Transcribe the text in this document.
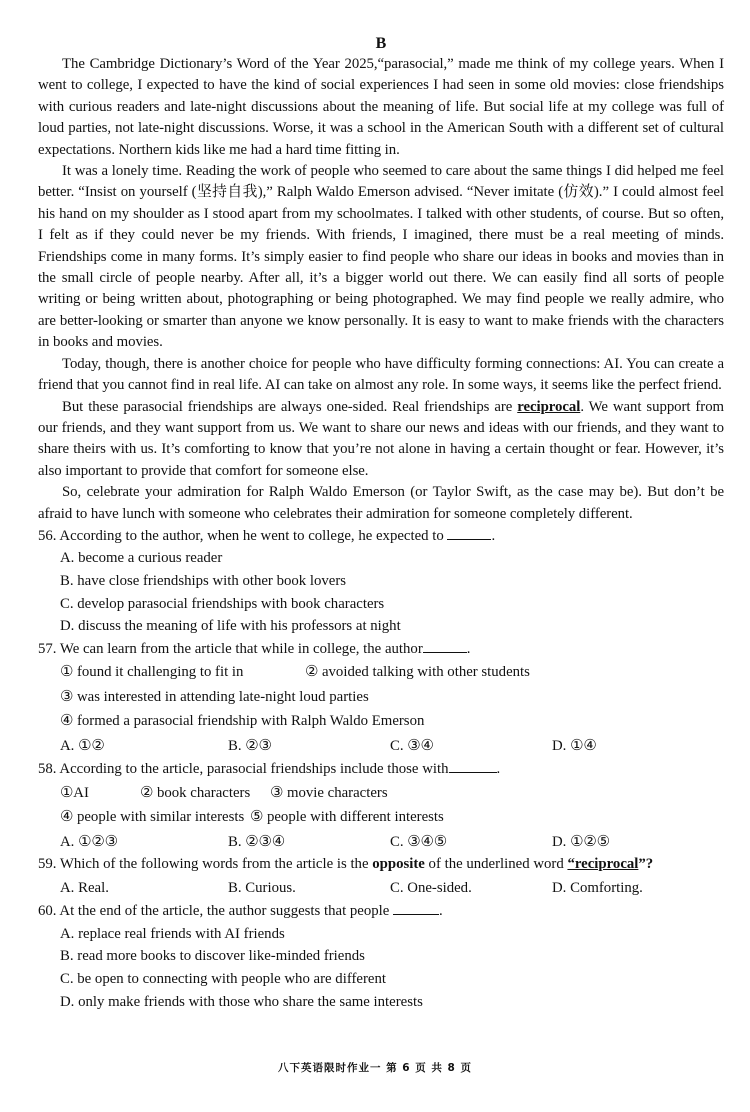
B

The Cambridge Dictionary’s Word of the Year 2025,“parasocial,” made me think of my college years. When I went to college, I expected to have the kind of social experiences I had seen in some old movies: close friendships with curious readers and late-night discussions about the meaning of life. But social life at my college was full of loud parties, not late-night discussions. Worse, it was a school in the American South with a different set of cultural expectations. Northern kids like me had a hard time fitting in.

It was a lonely time. Reading the work of people who seemed to care about the same things I did helped me feel better. “Insist on yourself (坚持自我),” Ralph Waldo Emerson advised. “Never imitate (仿效).” I could almost feel his hand on my shoulder as I stood apart from my schoolmates. I talked with other students, of course. But so often, I felt as if they could never be my friends. With friends, I imagined, there must be a real meeting of minds. Friendships come in many forms. It’s simply easier to find people who share our ideas in books and movies than in the small circle of people nearby. After all, it’s a bigger world out there. We can easily find all sorts of people writing or being written about, photographing or being photographed. We may find people we really admire, who are better-looking or smarter than anyone we know personally. It is easy to want to make friends with the characters in books and movies.

Today, though, there is another choice for people who have difficulty forming connections: AI. You can create a friend that you cannot find in real life. AI can take on almost any role. In some ways, it seems like the perfect friend.

But these parasocial friendships are always one-sided. Real friendships are reciprocal. We want support from our friends, and they want support from us. We want to share our news and ideas with our friends, and they want to share theirs with us. It’s comforting to know that you’re not alone in having a certain thought or fear. However, it’s also important to provide that comfort for someone else.

So, celebrate your admiration for Ralph Waldo Emerson (or Taylor Swift, as the case may be). But don’t be afraid to have lunch with someone who celebrates their admiration for someone completely different.

56. According to the author, when he went to college, he expected to	.

A. become a curious reader

B. have close friendships with other book lovers

C. develop parasocial friendships with book characters

D. discuss the meaning of life with his professors at night

57. We can learn from the article that while in college, the author	.

① found it challenging to fit in	② avoided talking with other students
③ was interested in attending late-night loud parties
④ formed a parasocial friendship with Ralph Waldo Emerson
A. ①②	B. ②③	C. ③④	D. ①④

58. According to the article, parasocial friendships include those with	.

①AI	② book characters	③ movie characters
④ people with similar interests ⑤ people with different interests
A. ①②③	B. ②③④	C. ③④⑤	D. ①②⑤

59. Which of the following words from the article is the opposite of the underlined word “reciprocal”?

A. Real.	B. Curious.	C. One-sided.	D. Comforting.

60. At the end of the article, the author suggests that people	.

A. replace real friends with AI friends

B. read more books to discover like-minded friends

C. be open to connecting with people who are different

D. only make friends with those who share the same interests

八下英语限时作业一 第 6 页 共 8 页
